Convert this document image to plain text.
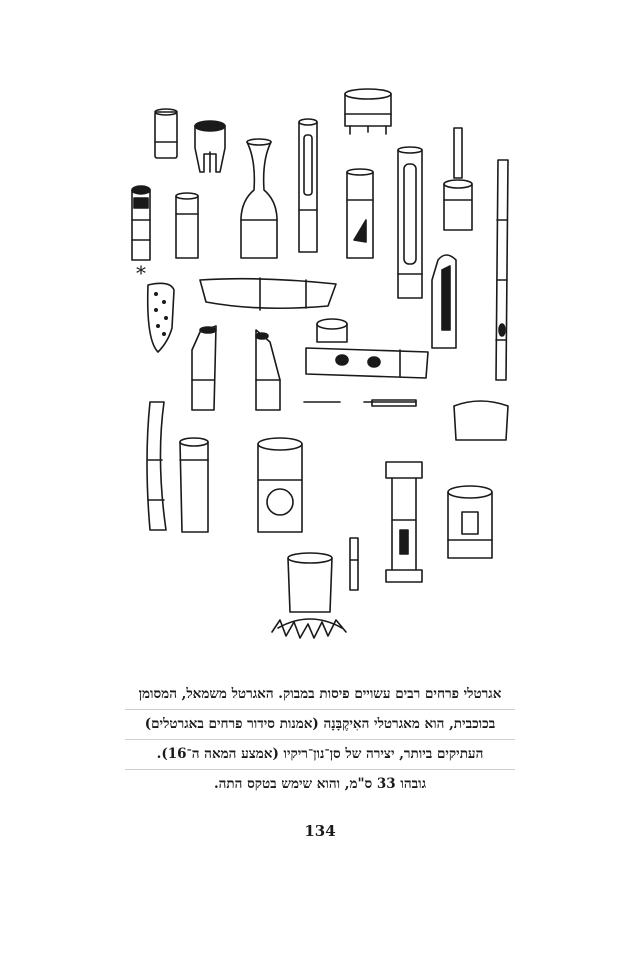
*
אגרטלי פרחים רבים עשויים פיסות במבוק. האגרטל משמאל, המסומן
בכוכבית, הוא מאגרטלי האִיקֶבָּנָה (אמנות סידור פרחים באגרטלים)
העתיקים ביותר, יצירה של סן־נון־ריקיו (אמצע המאה ה־16).
גובהו 33 ס"מ, והוא שימש בטקס התה.
134
